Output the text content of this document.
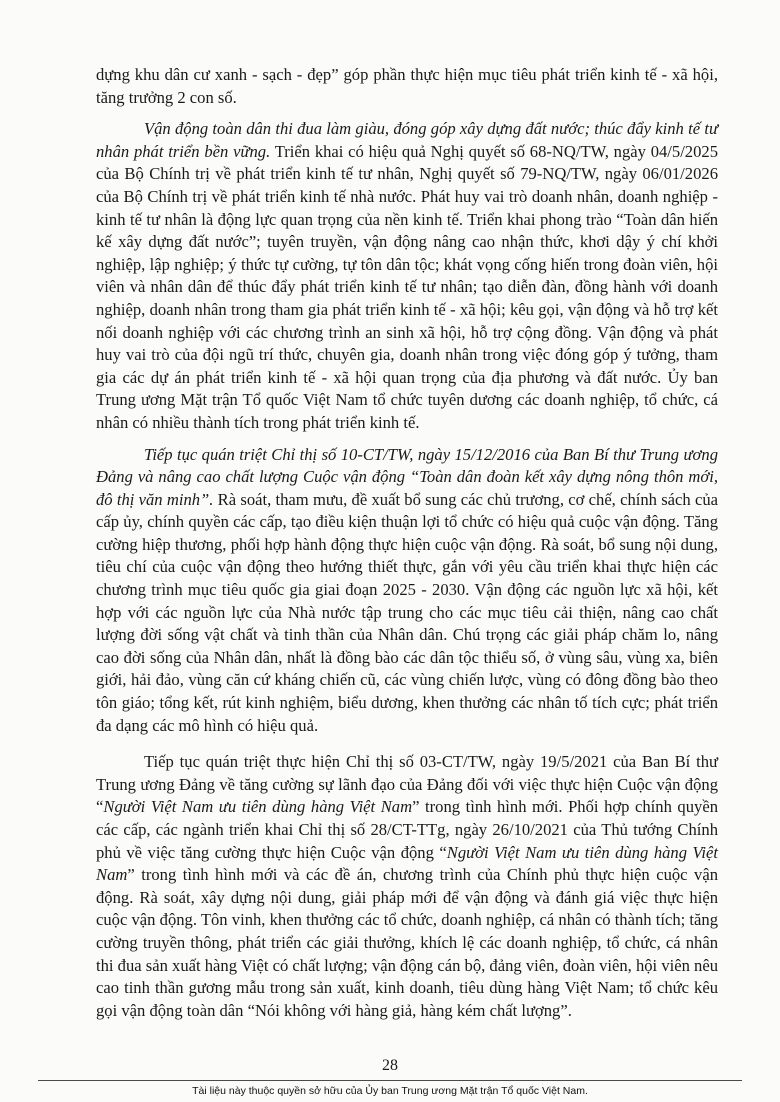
dựng khu dân cư xanh - sạch - đẹp” góp phần thực hiện mục tiêu phát triển kinh tế - xã hội, tăng trưởng 2 con số.

Vận động toàn dân thi đua làm giàu, đóng góp xây dựng đất nước; thúc đẩy kinh tế tư nhân phát triển bền vững. Triển khai có hiệu quả Nghị quyết số 68-NQ/TW, ngày 04/5/2025 của Bộ Chính trị về phát triển kinh tế tư nhân, Nghị quyết số 79-NQ/TW, ngày 06/01/2026 của Bộ Chính trị về phát triển kinh tế nhà nước. Phát huy vai trò doanh nhân, doanh nghiệp - kinh tế tư nhân là động lực quan trọng của nền kinh tế. Triển khai phong trào “Toàn dân hiến kế xây dựng đất nước”; tuyên truyền, vận động nâng cao nhận thức, khơi dậy ý chí khởi nghiệp, lập nghiệp; ý thức tự cường, tự tôn dân tộc; khát vọng cống hiến trong đoàn viên, hội viên và nhân dân để thúc đẩy phát triển kinh tế tư nhân; tạo diễn đàn, đồng hành với doanh nghiệp, doanh nhân trong tham gia phát triển kinh tế - xã hội; kêu gọi, vận động và hỗ trợ kết nối doanh nghiệp với các chương trình an sinh xã hội, hỗ trợ cộng đồng. Vận động và phát huy vai trò của đội ngũ trí thức, chuyên gia, doanh nhân trong việc đóng góp ý tưởng, tham gia các dự án phát triển kinh tế - xã hội quan trọng của địa phương và đất nước. Ủy ban Trung ương Mặt trận Tổ quốc Việt Nam tổ chức tuyên dương các doanh nghiệp, tổ chức, cá nhân có nhiều thành tích trong phát triển kinh tế.

Tiếp tục quán triệt Chỉ thị số 10-CT/TW, ngày 15/12/2016 của Ban Bí thư Trung ương Đảng và nâng cao chất lượng Cuộc vận động “Toàn dân đoàn kết xây dựng nông thôn mới, đô thị văn minh”. Rà soát, tham mưu, đề xuất bổ sung các chủ trương, cơ chế, chính sách của cấp ủy, chính quyền các cấp, tạo điều kiện thuận lợi tổ chức có hiệu quả cuộc vận động. Tăng cường hiệp thương, phối hợp hành động thực hiện cuộc vận động. Rà soát, bổ sung nội dung, tiêu chí của cuộc vận động theo hướng thiết thực, gắn với yêu cầu triển khai thực hiện các chương trình mục tiêu quốc gia giai đoạn 2025 - 2030. Vận động các nguồn lực xã hội, kết hợp với các nguồn lực của Nhà nước tập trung cho các mục tiêu cải thiện, nâng cao chất lượng đời sống vật chất và tinh thần của Nhân dân. Chú trọng các giải pháp chăm lo, nâng cao đời sống của Nhân dân, nhất là đồng bào các dân tộc thiểu số, ở vùng sâu, vùng xa, biên giới, hải đảo, vùng căn cứ kháng chiến cũ, các vùng chiến lược, vùng có đông đồng bào theo tôn giáo; tổng kết, rút kinh nghiệm, biểu dương, khen thưởng các nhân tố tích cực; phát triển đa dạng các mô hình có hiệu quả.

Tiếp tục quán triệt thực hiện Chỉ thị số 03-CT/TW, ngày 19/5/2021 của Ban Bí thư Trung ương Đảng về tăng cường sự lãnh đạo của Đảng đối với việc thực hiện Cuộc vận động “Người Việt Nam ưu tiên dùng hàng Việt Nam” trong tình hình mới. Phối hợp chính quyền các cấp, các ngành triển khai Chỉ thị số 28/CT-TTg, ngày 26/10/2021 của Thủ tướng Chính phủ về việc tăng cường thực hiện Cuộc vận động “Người Việt Nam ưu tiên dùng hàng Việt Nam” trong tình hình mới và các đề án, chương trình của Chính phủ thực hiện cuộc vận động. Rà soát, xây dựng nội dung, giải pháp mới để vận động và đánh giá việc thực hiện cuộc vận động. Tôn vinh, khen thưởng các tổ chức, doanh nghiệp, cá nhân có thành tích; tăng cường truyền thông, phát triển các giải thưởng, khích lệ các doanh nghiệp, tổ chức, cá nhân thi đua sản xuất hàng Việt có chất lượng; vận động cán bộ, đảng viên, đoàn viên, hội viên nêu cao tinh thần gương mẫu trong sản xuất, kinh doanh, tiêu dùng hàng Việt Nam; tổ chức kêu gọi vận động toàn dân “Nói không với hàng giả, hàng kém chất lượng”.

28
Tài liệu này thuộc quyền sở hữu của Ủy ban Trung ương Mặt trận Tổ quốc Việt Nam.
